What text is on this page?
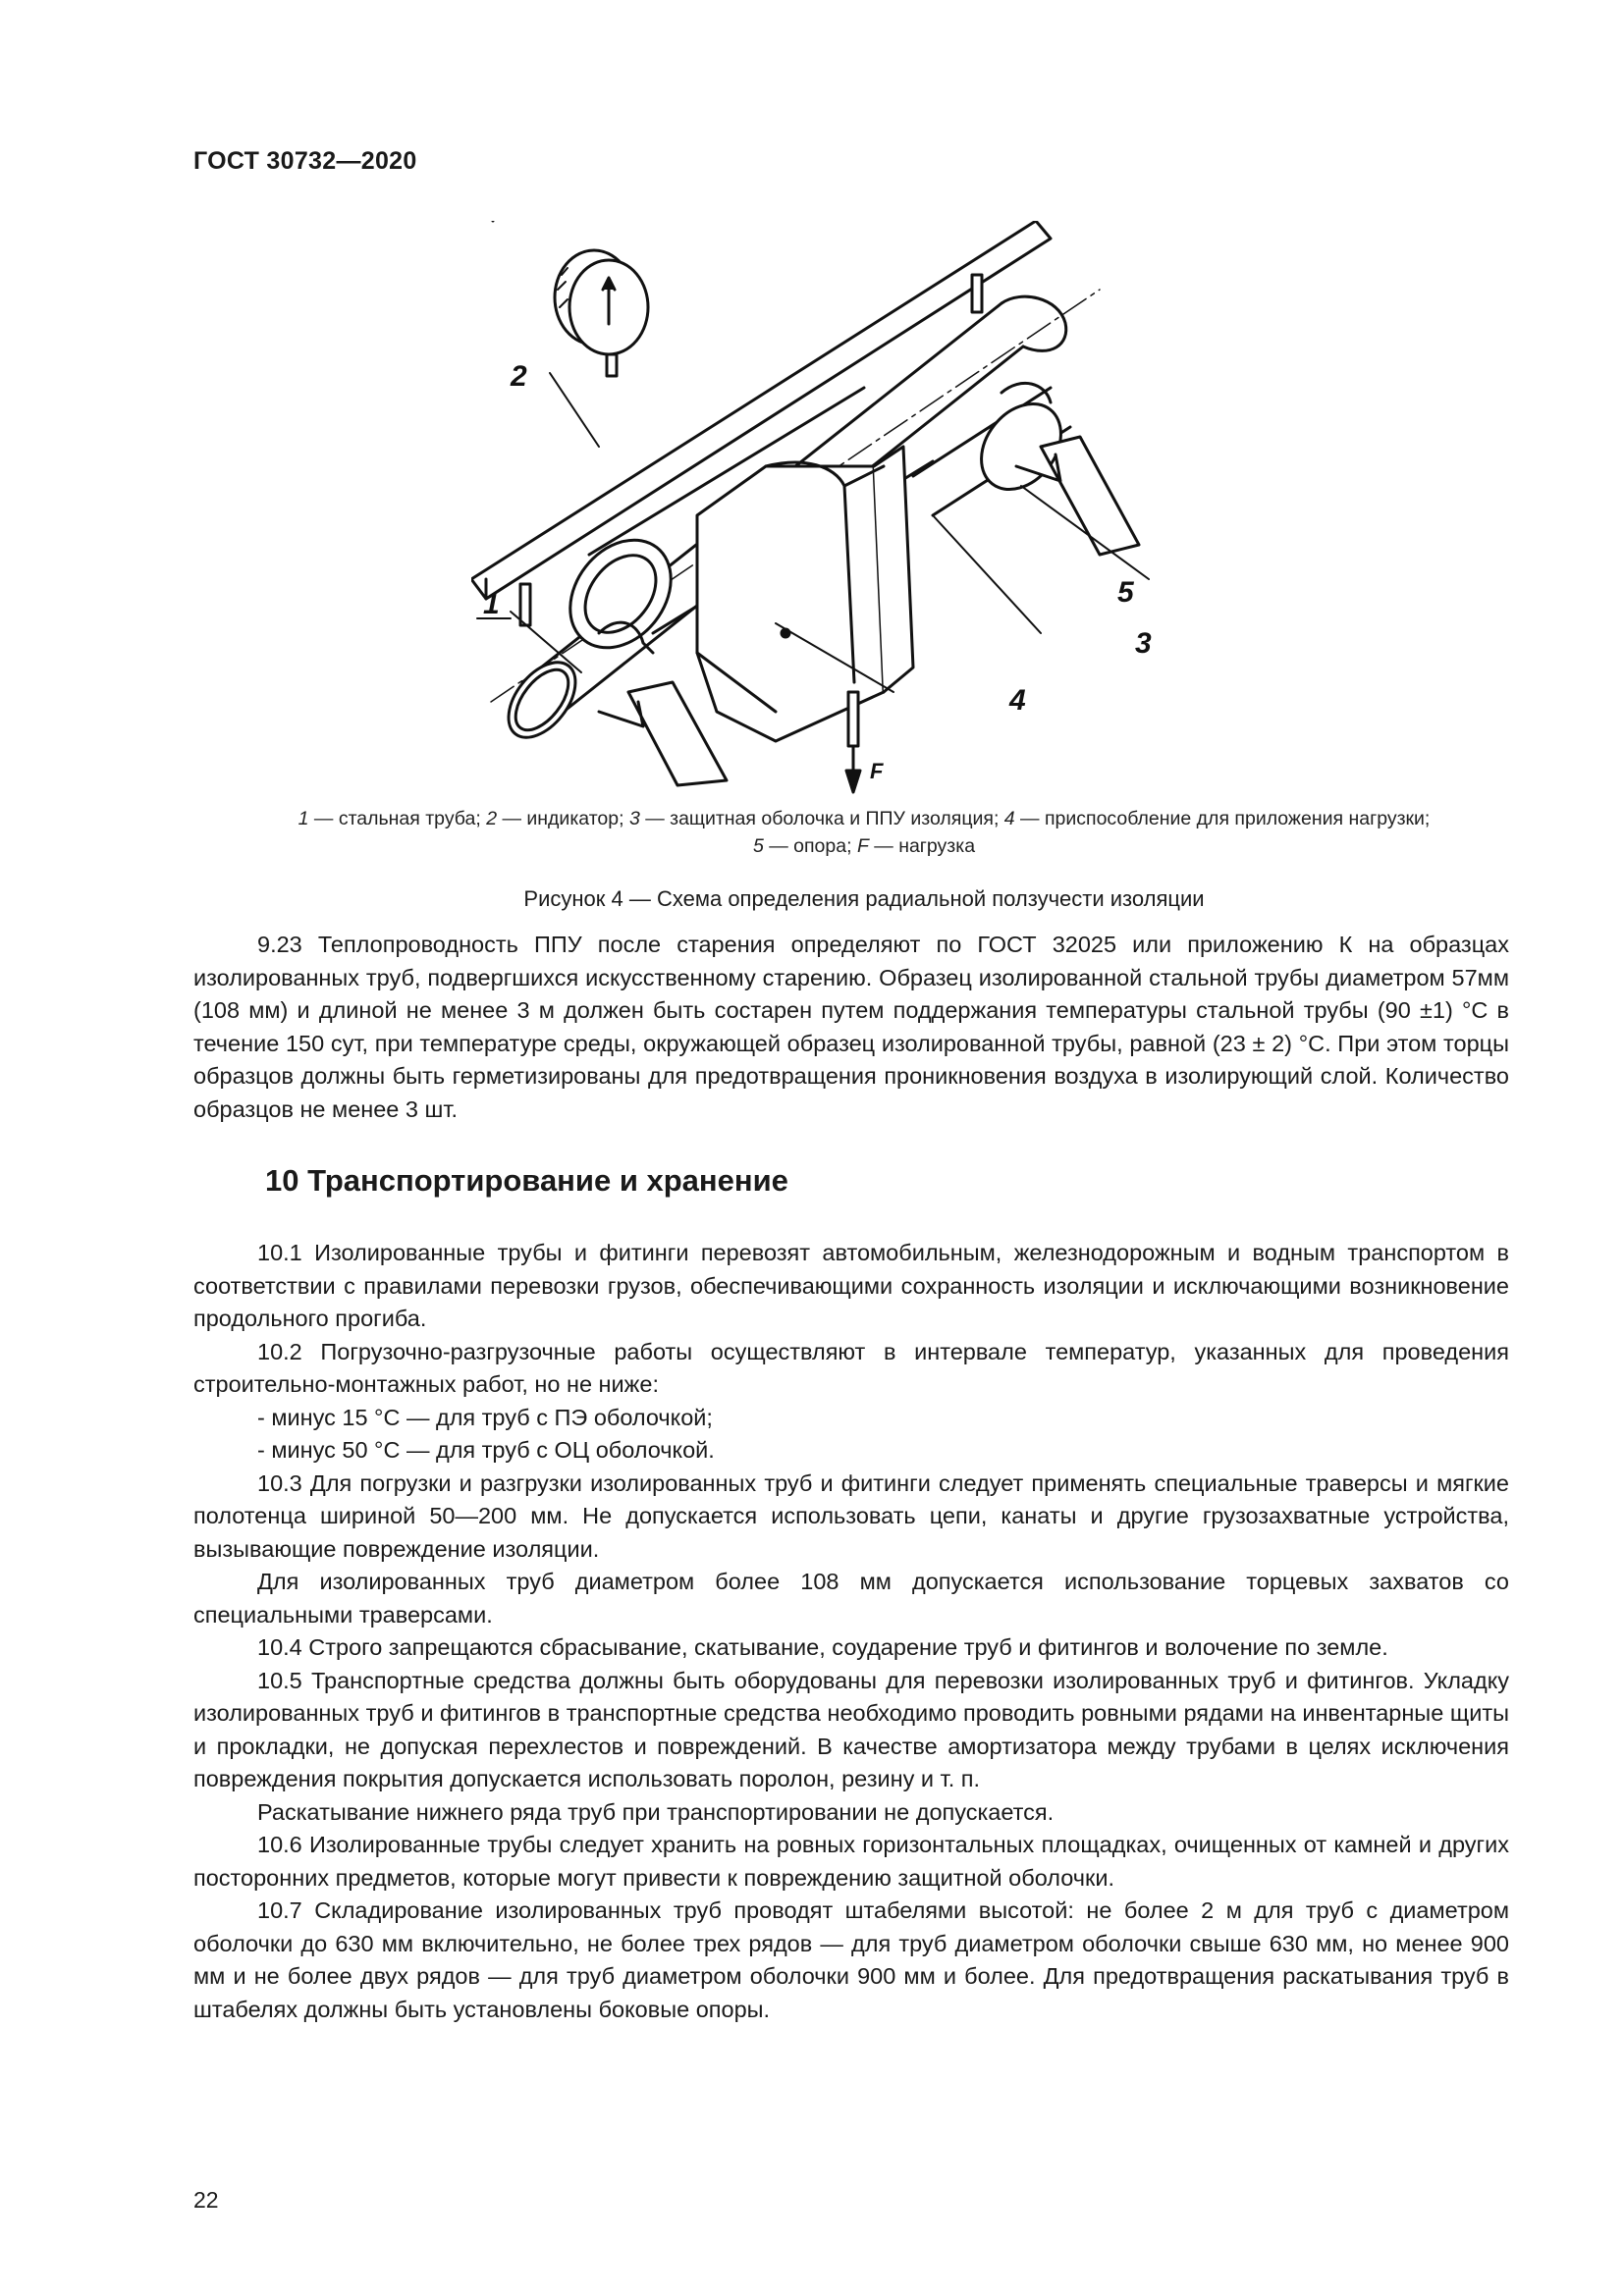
ГОСТ 30732—2020
2
1	5
3
4
F
1 — стальная труба; 2 — индикатор; 3 — защитная оболочка и ППУ изоляция; 4 — приспособление для приложения нагрузки;
5 — опора; F — нагрузка
Рисунок 4 — Схема определения радиальной ползучести изоляции

9.23 Теплопроводность ППУ после старения определяют по ГОСТ 32025 или приложению К на образцах изолированных труб, подвергшихся искусственному старению. Образец изолированной стальной трубы диаметром 57мм (108 мм) и длиной не менее 3 м должен быть состарен путем поддержания температуры стальной трубы (90 ±1) °С в течение 150 сут, при температуре среды, окружающей образец изолированной трубы, равной (23 ± 2) °С. При этом торцы образцов должны быть герметизированы для предотвращения проникновения воздуха в изолирующий слой. Количество образцов не менее 3 шт.

10 Транспортирование и хранение

10.1 Изолированные трубы и фитинги перевозят автомобильным, железнодорожным и водным транспортом в соответствии с правилами перевозки грузов, обеспечивающими сохранность изоляции и исключающими возникновение продольного прогиба.

10.2 Погрузочно-разгрузочные работы осуществляют в интервале температур, указанных для проведения строительно-монтажных работ, но не ниже:

- минус 15 °С — для труб с ПЭ оболочкой;

- минус 50 °С — для труб с ОЦ оболочкой.

10.3 Для погрузки и разгрузки изолированных труб и фитинги следует применять специальные траверсы и мягкие полотенца шириной 50—200 мм. Не допускается использовать цепи, канаты и другие грузозахватные устройства, вызывающие повреждение изоляции.

Для изолированных труб диаметром более 108 мм допускается использование торцевых захватов со специальными траверсами.

10.4 Строго запрещаются сбрасывание, скатывание, соударение труб и фитингов и волочение по земле.

10.5 Транспортные средства должны быть оборудованы для перевозки изолированных труб и фитингов. Укладку изолированных труб и фитингов в транспортные средства необходимо проводить ровными рядами на инвентарные щиты и прокладки, не допуская перехлестов и повреждений. В качестве амортизатора между трубами в целях исключения повреждения покрытия допускается использовать поролон, резину и т. п.

Раскатывание нижнего ряда труб при транспортировании не допускается.

10.6 Изолированные трубы следует хранить на ровных горизонтальных площадках, очищенных от камней и других посторонних предметов, которые могут привести к повреждению защитной оболочки.

10.7 Складирование изолированных труб проводят штабелями высотой: не более 2 м для труб с диаметром оболочки до 630 мм включительно, не более трех рядов — для труб диаметром оболочки свыше 630 мм, но менее 900 мм и не более двух рядов — для труб диаметром оболочки 900 мм и более. Для предотвращения раскатывания труб в штабелях должны быть установлены боковые опоры.

22
